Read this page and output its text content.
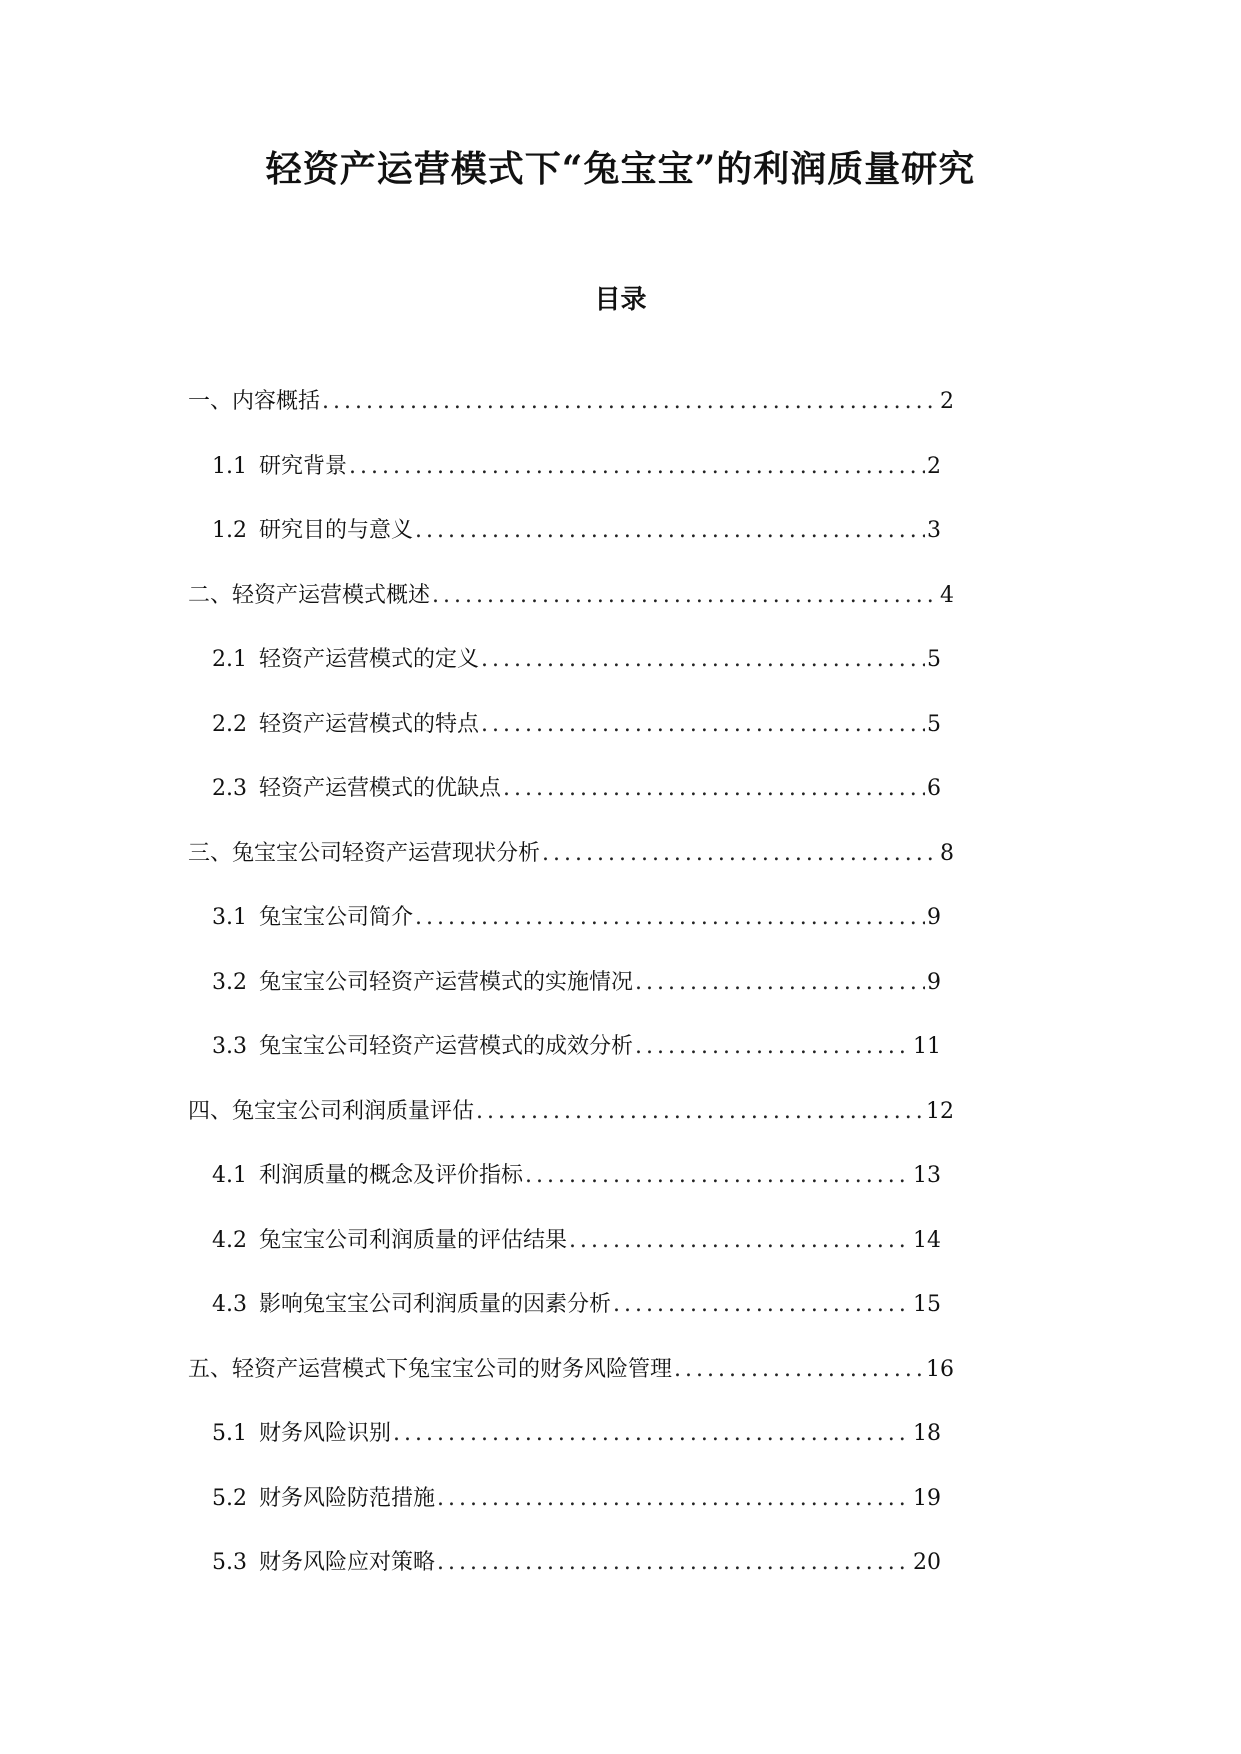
轻资产运营模式下“兔宝宝”的利润质量研究
目录
一、内容概括 .....	2
1.1 研究背景 .....	2
1.2 研究目的与意义 .....	3
二、轻资产运营模式概述 .....	4
2.1 轻资产运营模式的定义 .....	5
2.2 轻资产运营模式的特点 .....	5
2.3 轻资产运营模式的优缺点 .....	6
三、兔宝宝公司轻资产运营现状分析 .....	8
3.1 兔宝宝公司简介 .....	9
3.2 兔宝宝公司轻资产运营模式的实施情况 .....	9
3.3 兔宝宝公司轻资产运营模式的成效分析 .....	11
四、兔宝宝公司利润质量评估 .....	12
4.1 利润质量的概念及评价指标 .....	13
4.2 兔宝宝公司利润质量的评估结果 .....	14
4.3 影响兔宝宝公司利润质量的因素分析 .....	15
五、轻资产运营模式下兔宝宝公司的财务风险管理 .....	16
5.1 财务风险识别 .....	18
5.2 财务风险防范措施 .....	19
5.3 财务风险应对策略 .....	20
